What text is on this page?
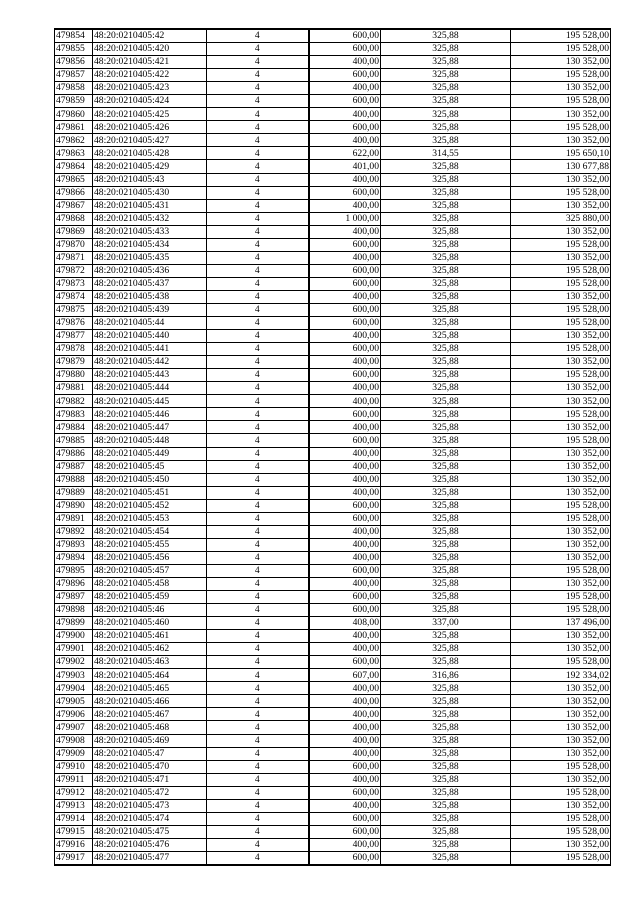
479854	48:20:0210405:42	4	600,00	325,88	195 528,00
479855	48:20:0210405:420	4	600,00	325,88	195 528,00
479856	48:20:0210405:421	4	400,00	325,88	130 352,00
479857	48:20:0210405:422	4	600,00	325,88	195 528,00
479858	48:20:0210405:423	4	400,00	325,88	130 352,00
479859	48:20:0210405:424	4	600,00	325,88	195 528,00
479860	48:20:0210405:425	4	400,00	325,88	130 352,00
479861	48:20:0210405:426	4	600,00	325,88	195 528,00
479862	48:20:0210405:427	4	400,00	325,88	130 352,00
479863	48:20:0210405:428	4	622,00	314,55	195 650,10
479864	48:20:0210405:429	4	401,00	325,88	130 677,88
479865	48:20:0210405:43	4	400,00	325,88	130 352,00
479866	48:20:0210405:430	4	600,00	325,88	195 528,00
479867	48:20:0210405:431	4	400,00	325,88	130 352,00
479868	48:20:0210405:432	4	1 000,00	325,88	325 880,00
479869	48:20:0210405:433	4	400,00	325,88	130 352,00
479870	48:20:0210405:434	4	600,00	325,88	195 528,00
479871	48:20:0210405:435	4	400,00	325,88	130 352,00
479872	48:20:0210405:436	4	600,00	325,88	195 528,00
479873	48:20:0210405:437	4	600,00	325,88	195 528,00
479874	48:20:0210405:438	4	400,00	325,88	130 352,00
479875	48:20:0210405:439	4	600,00	325,88	195 528,00
479876	48:20:0210405:44	4	600,00	325,88	195 528,00
479877	48:20:0210405:440	4	400,00	325,88	130 352,00
479878	48:20:0210405:441	4	600,00	325,88	195 528,00
479879	48:20:0210405:442	4	400,00	325,88	130 352,00
479880	48:20:0210405:443	4	600,00	325,88	195 528,00
479881	48:20:0210405:444	4	400,00	325,88	130 352,00
479882	48:20:0210405:445	4	400,00	325,88	130 352,00
479883	48:20:0210405:446	4	600,00	325,88	195 528,00
479884	48:20:0210405:447	4	400,00	325,88	130 352,00
479885	48:20:0210405:448	4	600,00	325,88	195 528,00
479886	48:20:0210405:449	4	400,00	325,88	130 352,00
479887	48:20:0210405:45	4	400,00	325,88	130 352,00
479888	48:20:0210405:450	4	400,00	325,88	130 352,00
479889	48:20:0210405:451	4	400,00	325,88	130 352,00
479890	48:20:0210405:452	4	600,00	325,88	195 528,00
479891	48:20:0210405:453	4	600,00	325,88	195 528,00
479892	48:20:0210405:454	4	400,00	325,88	130 352,00
479893	48:20:0210405:455	4	400,00	325,88	130 352,00
479894	48:20:0210405:456	4	400,00	325,88	130 352,00
479895	48:20:0210405:457	4	600,00	325,88	195 528,00
479896	48:20:0210405:458	4	400,00	325,88	130 352,00
479897	48:20:0210405:459	4	600,00	325,88	195 528,00
479898	48:20:0210405:46	4	600,00	325,88	195 528,00
479899	48:20:0210405:460	4	408,00	337,00	137 496,00
479900	48:20:0210405:461	4	400,00	325,88	130 352,00
479901	48:20:0210405:462	4	400,00	325,88	130 352,00
479902	48:20:0210405:463	4	600,00	325,88	195 528,00
479903	48:20:0210405:464	4	607,00	316,86	192 334,02
479904	48:20:0210405:465	4	400,00	325,88	130 352,00
479905	48:20:0210405:466	4	400,00	325,88	130 352,00
479906	48:20:0210405:467	4	400,00	325,88	130 352,00
479907	48:20:0210405:468	4	400,00	325,88	130 352,00
479908	48:20:0210405:469	4	400,00	325,88	130 352,00
479909	48:20:0210405:47	4	400,00	325,88	130 352,00
479910	48:20:0210405:470	4	600,00	325,88	195 528,00
479911	48:20:0210405:471	4	400,00	325,88	130 352,00
479912	48:20:0210405:472	4	600,00	325,88	195 528,00
479913	48:20:0210405:473	4	400,00	325,88	130 352,00
479914	48:20:0210405:474	4	600,00	325,88	195 528,00
479915	48:20:0210405:475	4	600,00	325,88	195 528,00
479916	48:20:0210405:476	4	400,00	325,88	130 352,00
479917	48:20:0210405:477	4	600,00	325,88	195 528,00
